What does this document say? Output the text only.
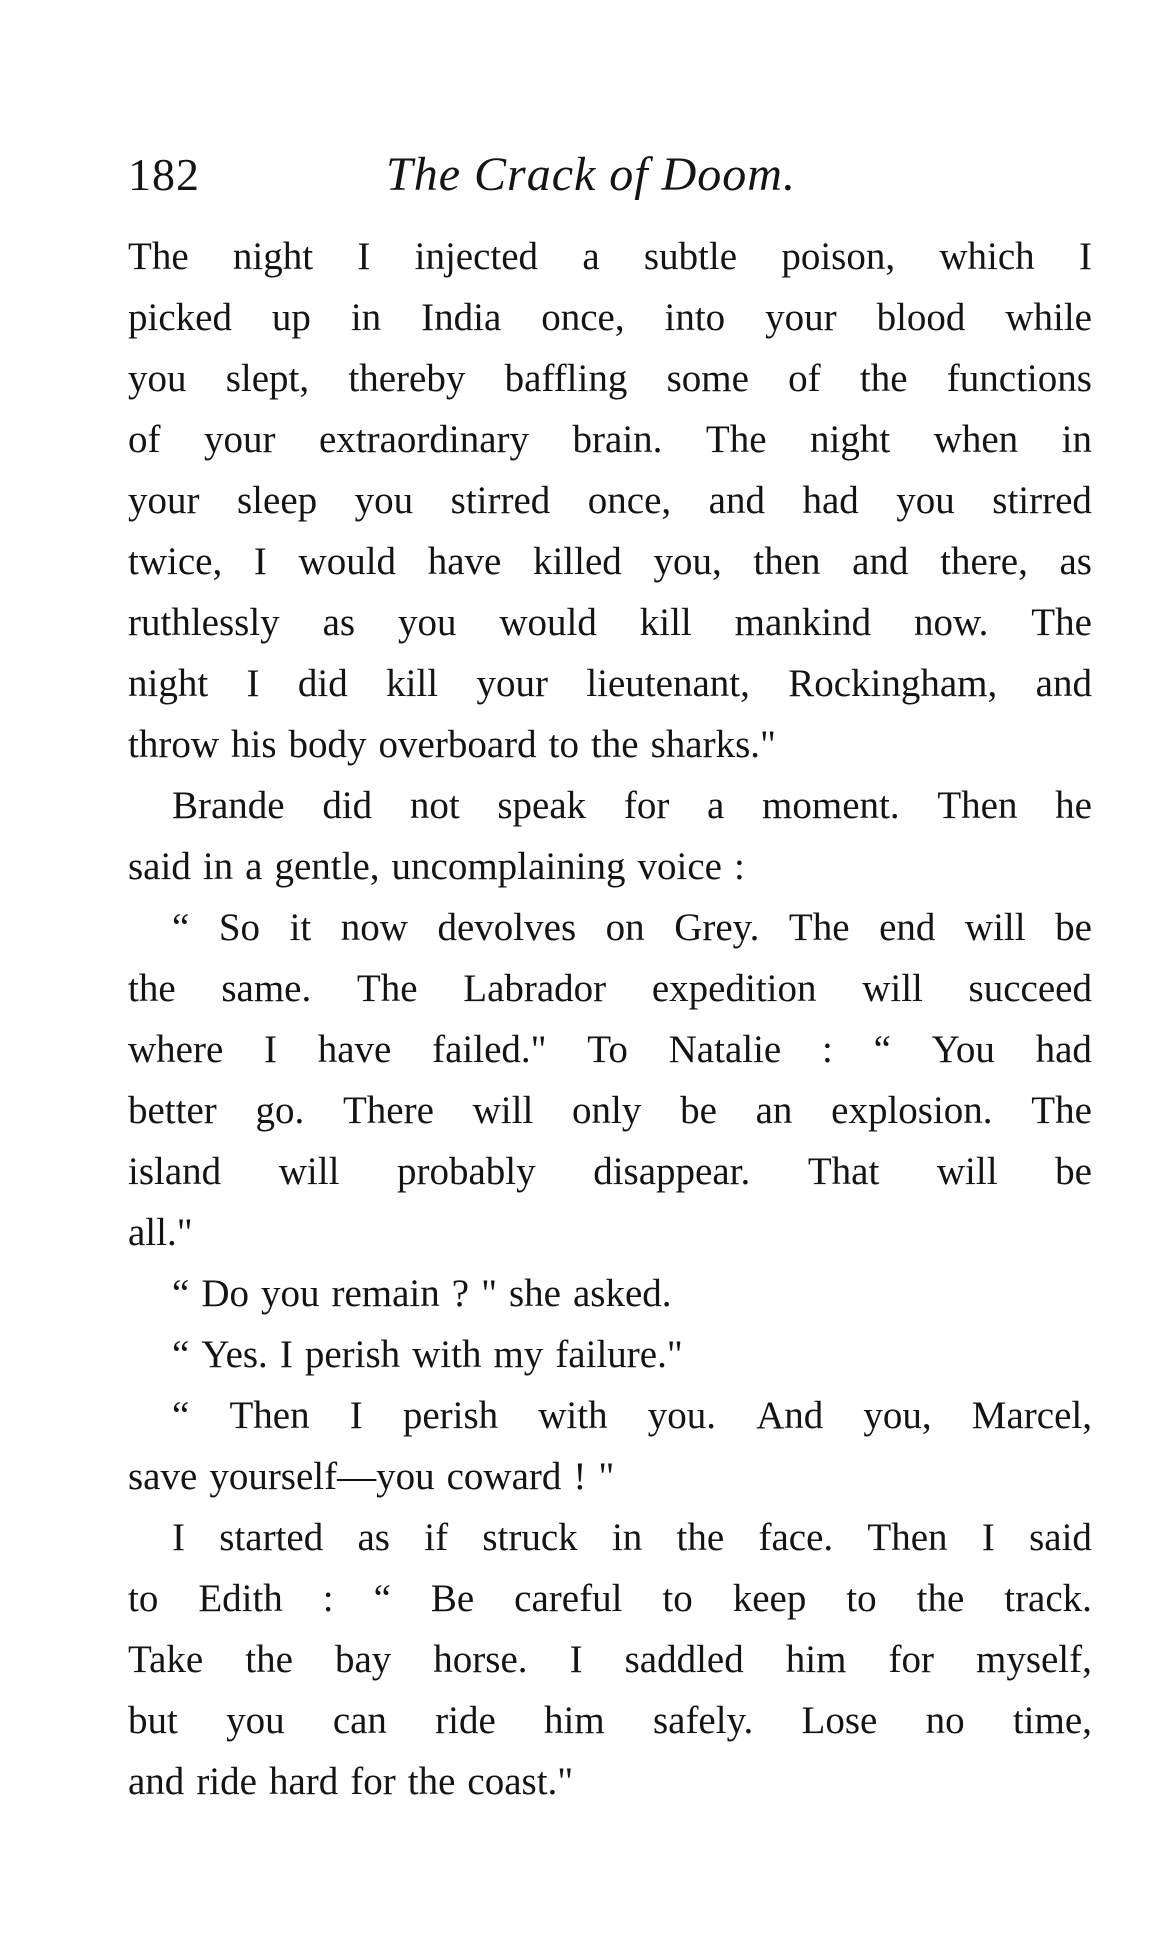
182	The Crack of Doom.
The night I injected a subtle poison, which I
picked up in India once, into your blood while
you slept, thereby baffling some of the functions
of your extraordinary brain. The night when in
your sleep you stirred once, and had you stirred
twice, I would have killed you, then and there, as
ruthlessly as you would kill mankind now. The
night I did kill your lieutenant, Rockingham, and
throw his body overboard to the sharks."
Brande did not speak for a moment. Then he
said in a gentle, uncomplaining voice :
“ So it now devolves on Grey. The end will be
the same. The Labrador expedition will succeed
where I have failed." To Natalie : “ You had
better go. There will only be an explosion. The
island will probably disappear. That will be
all."
“ Do you remain ? " she asked.
“ Yes. I perish with my failure."
“ Then I perish with you. And you, Marcel,
save yourself—you coward ! "
I started as if struck in the face. Then I said
to Edith : “ Be careful to keep to the track.
Take the bay horse. I saddled him for myself,
but you can ride him safely. Lose no time,
and ride hard for the coast."
